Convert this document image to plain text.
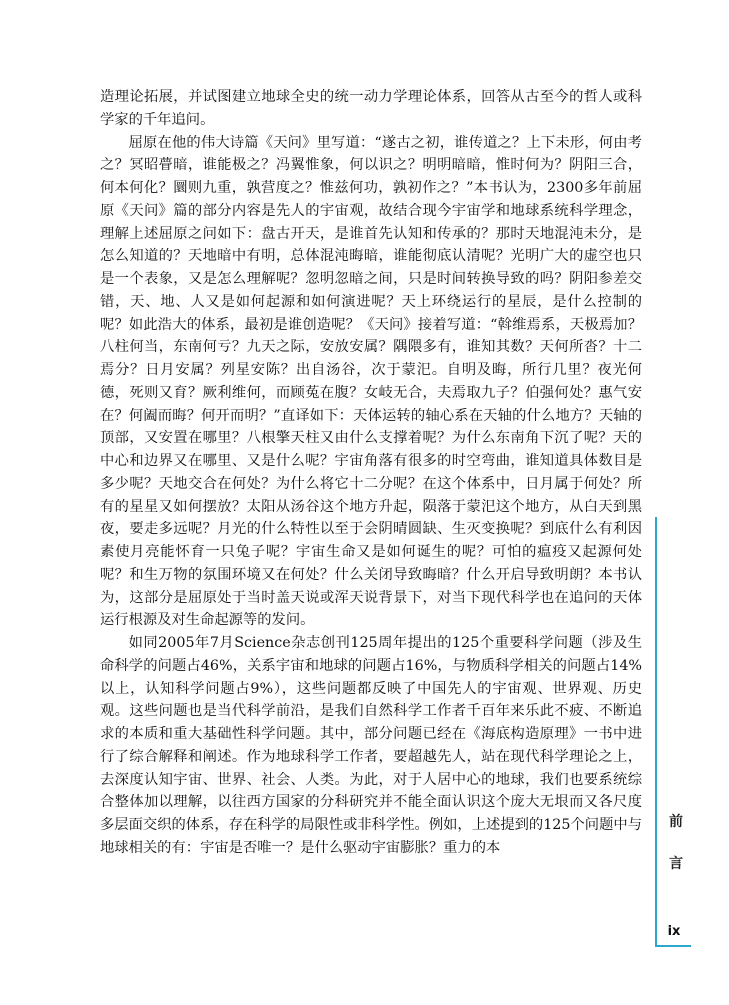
造理论拓展，并试图建立地球全史的统一动力学理论体系，回答从古至今的哲人或科学家的千年追问。

屈原在他的伟大诗篇《天问》里写道：“遂古之初，谁传道之？上下未形，何由考之？冥昭瞢暗，谁能极之？冯翼惟象，何以识之？明明暗暗，惟时何为？阴阳三合，何本何化？圜则九重，孰营度之？惟兹何功，孰初作之？”本书认为，2300多年前屈原《天问》篇的部分内容是先人的宇宙观，故结合现今宇宙学和地球系统科学理念，理解上述屈原之问如下：盘古开天，是谁首先认知和传承的？那时天地混沌未分，是怎么知道的？天地暗中有明，总体混沌晦暗，谁能彻底认清呢？光明广大的虚空也只是一个表象，又是怎么理解呢？忽明忽暗之间，只是时间转换导致的吗？阴阳参差交错，天、地、人又是如何起源和如何演进呢？天上环绕运行的星辰，是什么控制的呢？如此浩大的体系，最初是谁创造呢？《天问》接着写道：“斡维焉系，天极焉加？八柱何当，东南何亏？九天之际，安放安属？隅隈多有，谁知其数？天何所沓？十二焉分？日月安属？列星安陈？出自汤谷，次于蒙汜。自明及晦，所行几里？夜光何德，死则又育？厥利维何，而顾菟在腹？女岐无合，夫焉取九子？伯强何处？惠气安在？何阖而晦？何开而明？”直译如下：天体运转的轴心系在天轴的什么地方？天轴的顶部，又安置在哪里？八根擎天柱又由什么支撑着呢？为什么东南角下沉了呢？天的中心和边界又在哪里、又是什么呢？宇宙角落有很多的时空弯曲，谁知道具体数目是多少呢？天地交合在何处？为什么将它十二分呢？在这个体系中，日月属于何处？所有的星星又如何摆放？太阳从汤谷这个地方升起，陨落于蒙汜这个地方，从白天到黑夜，要走多远呢？月光的什么特性以至于会阴晴圆缺、生灭变换呢？到底什么有利因素使月亮能怀育一只兔子呢？宇宙生命又是如何诞生的呢？可怕的瘟疫又起源何处呢？和生万物的氛围环境又在何处？什么关闭导致晦暗？什么开启导致明朗？本书认为，这部分是屈原处于当时盖天说或浑天说背景下，对当下现代科学也在追问的天体运行根源及对生命起源等的发问。

如同2005年7月Science杂志创刊125周年提出的125个重要科学问题（涉及生命科学的问题占46%，关系宇宙和地球的问题占16%，与物质科学相关的问题占14%以上，认知科学问题占9%），这些问题都反映了中国先人的宇宙观、世界观、历史观。这些问题也是当代科学前沿，是我们自然科学工作者千百年来乐此不疲、不断追求的本质和重大基础性科学问题。其中，部分问题已经在《海底构造原理》一书中进行了综合解释和阐述。作为地球科学工作者，要超越先人，站在现代科学理论之上，去深度认知宇宙、世界、社会、人类。为此，对于人居中心的地球，我们也要系统综合整体加以理解，以往西方国家的分科研究并不能全面认识这个庞大无垠而又各尺度多层面交织的体系，存在科学的局限性或非科学性。例如，上述提到的125个问题中与地球相关的有：宇宙是否唯一？是什么驱动宇宙膨胀？重力的本

前
言
ix
